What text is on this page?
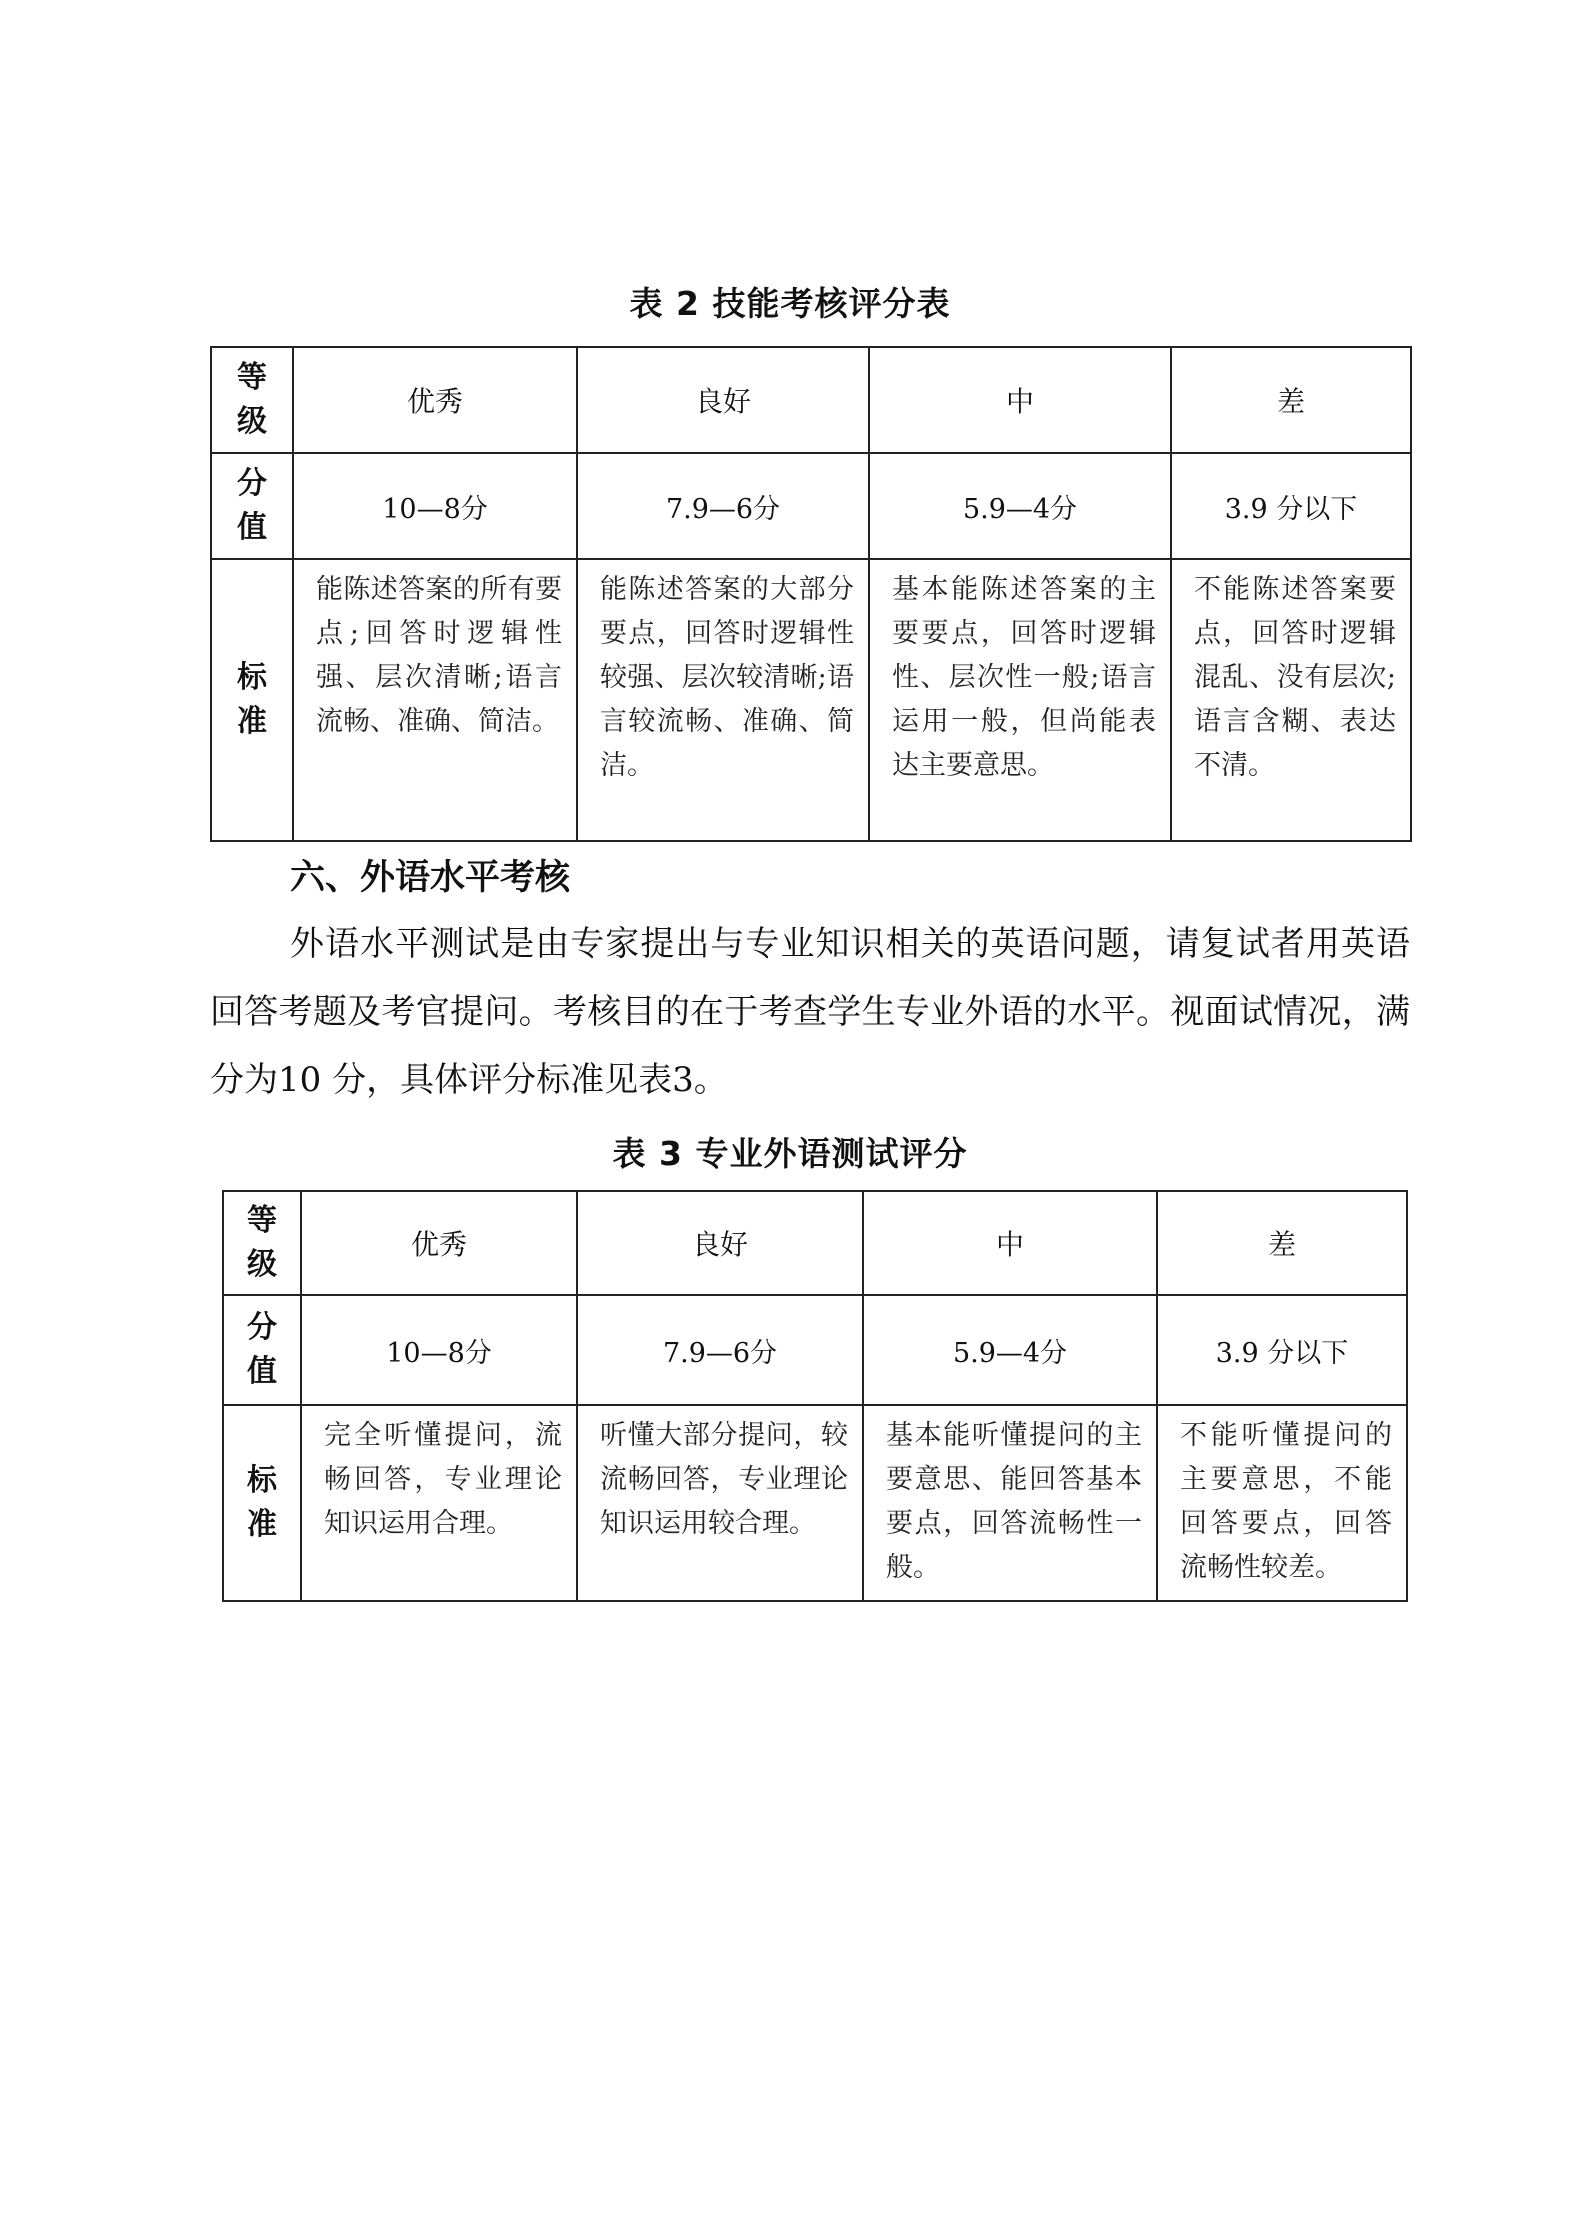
表 2 技能考核评分表
等级	优秀	良好	中	差
分值	10—8分	7.9—6分	5.9—4分	3.9 分以下
标准	能陈述答案的所有要点;回答时逻辑性强、层次清晰;语言流畅、准确、简洁。	能陈述答案的大部分要点，回答时逻辑性较强、层次较清晰;语言较流畅、准确、简洁。	基本能陈述答案的主要要点，回答时逻辑性、层次性一般;语言运用一般，但尚能表达主要意思。	不能陈述答案要点，回答时逻辑混乱、没有层次; 语言含糊、表达不清。
六、外语水平考核

外语水平测试是由专家提出与专业知识相关的英语问题，请复试者用英语回答考题及考官提问。考核目的在于考查学生专业外语的水平。视面试情况，满分为10 分，具体评分标准见表3。

表 3 专业外语测试评分
等级	优秀	良好	中	差
分值	10—8分	7.9—6分	5.9—4分	3.9 分以下
标准	完全听懂提问，流畅回答，专业理论知识运用合理。	听懂大部分提问，较流畅回答，专业理论知识运用较合理。	基本能听懂提问的主要意思、能回答基本要点，回答流畅性一般。	不能听懂提问的主要意思，不能回答要点，回答流畅性较差。
